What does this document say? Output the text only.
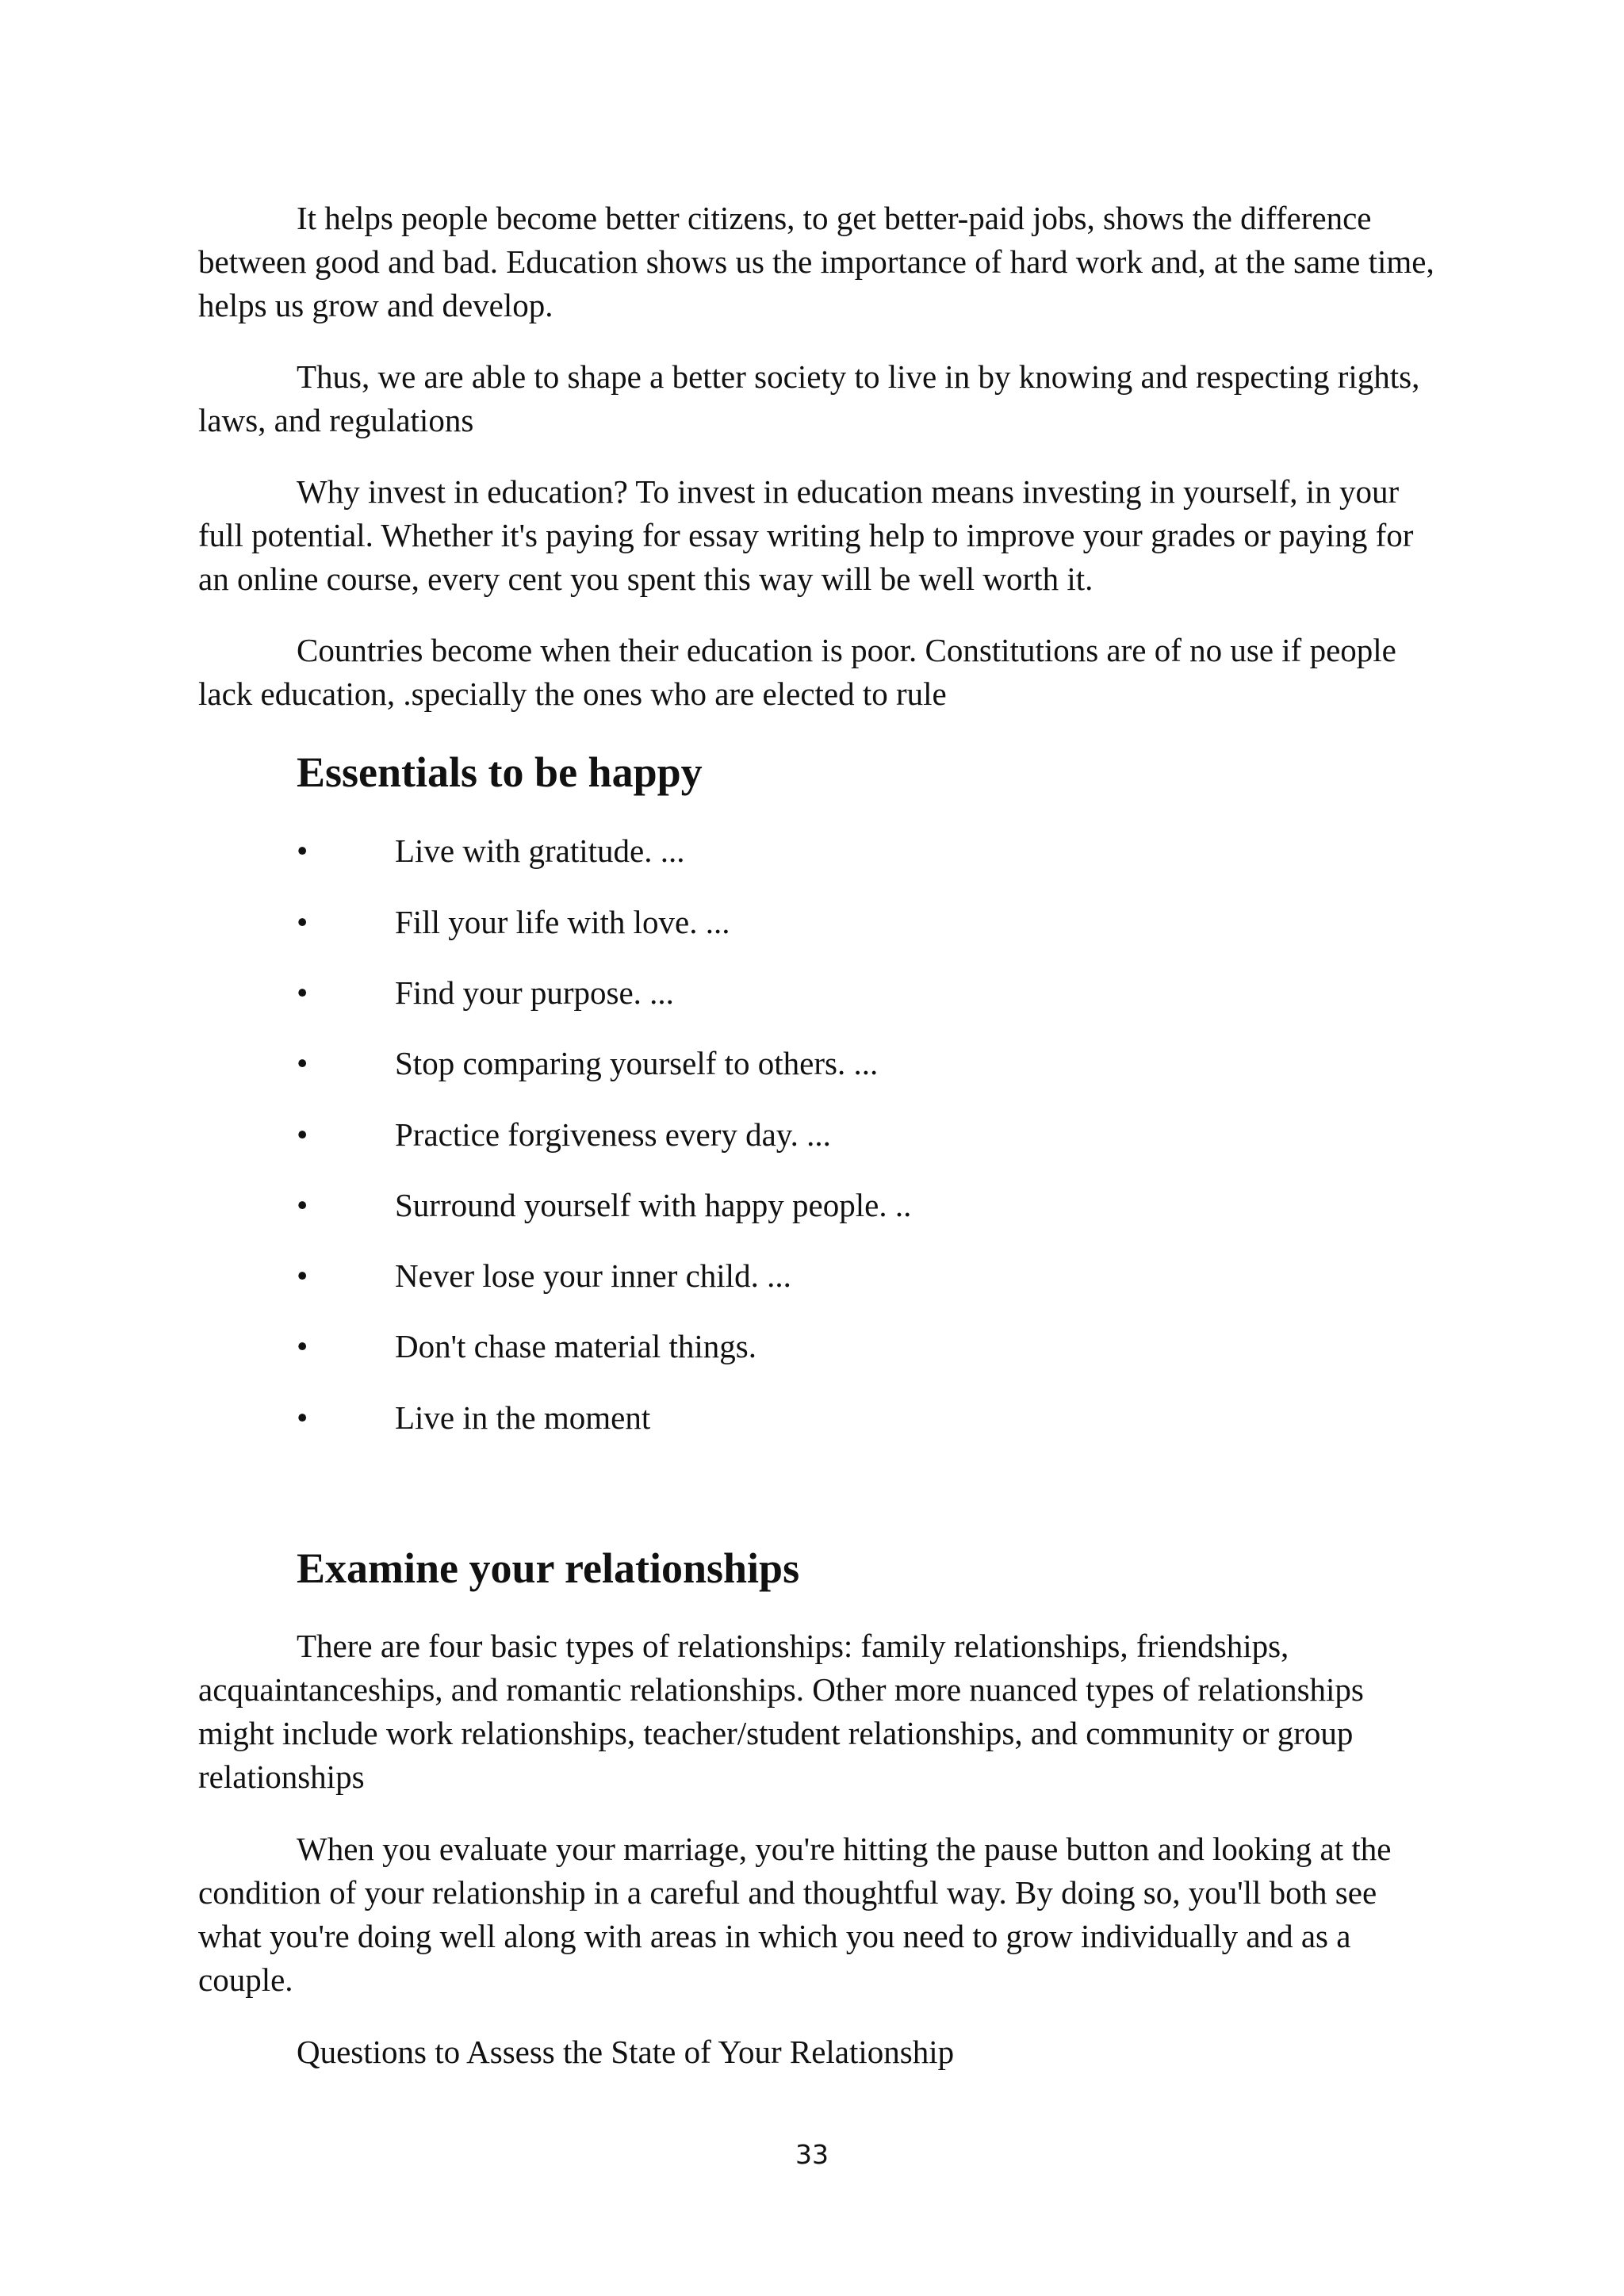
It helps people become better citizens, to get better-paid jobs, shows the difference between good and bad. Education shows us the importance of hard work and, at the same time, helps us grow and develop.

Thus, we are able to shape a better society to live in by knowing and respecting rights, laws, and regulations

Why invest in education? To invest in education means investing in yourself, in your full potential. Whether it's paying for essay writing help to improve your grades or paying for an online course, every cent you spent this way will be well worth it.

Countries become when their education is poor. Constitutions are of no use if people lack education, .specially the ones who are elected to rule

Essentials to be happy
•	Live with gratitude. ...
•	Fill your life with love. ...
•	Find your purpose. ...
•	Stop comparing yourself to others. ...
•	Practice forgiveness every day. ...
•	Surround yourself with happy people. ..
•	Never lose your inner child. ...
•	Don't chase material things.
•	Live in the moment
Examine your relationships

There are four basic types of relationships: family relationships, friendships, acquaintanceships, and romantic relationships. Other more nuanced types of relationships might include work relationships, teacher/student relationships, and community or group relationships

When you evaluate your marriage, you're hitting the pause button and looking at the condition of your relationship in a careful and thoughtful way. By doing so, you'll both see what you're doing well along with areas in which you need to grow individually and as a couple.

Questions to Assess the State of Your Relationship

33
